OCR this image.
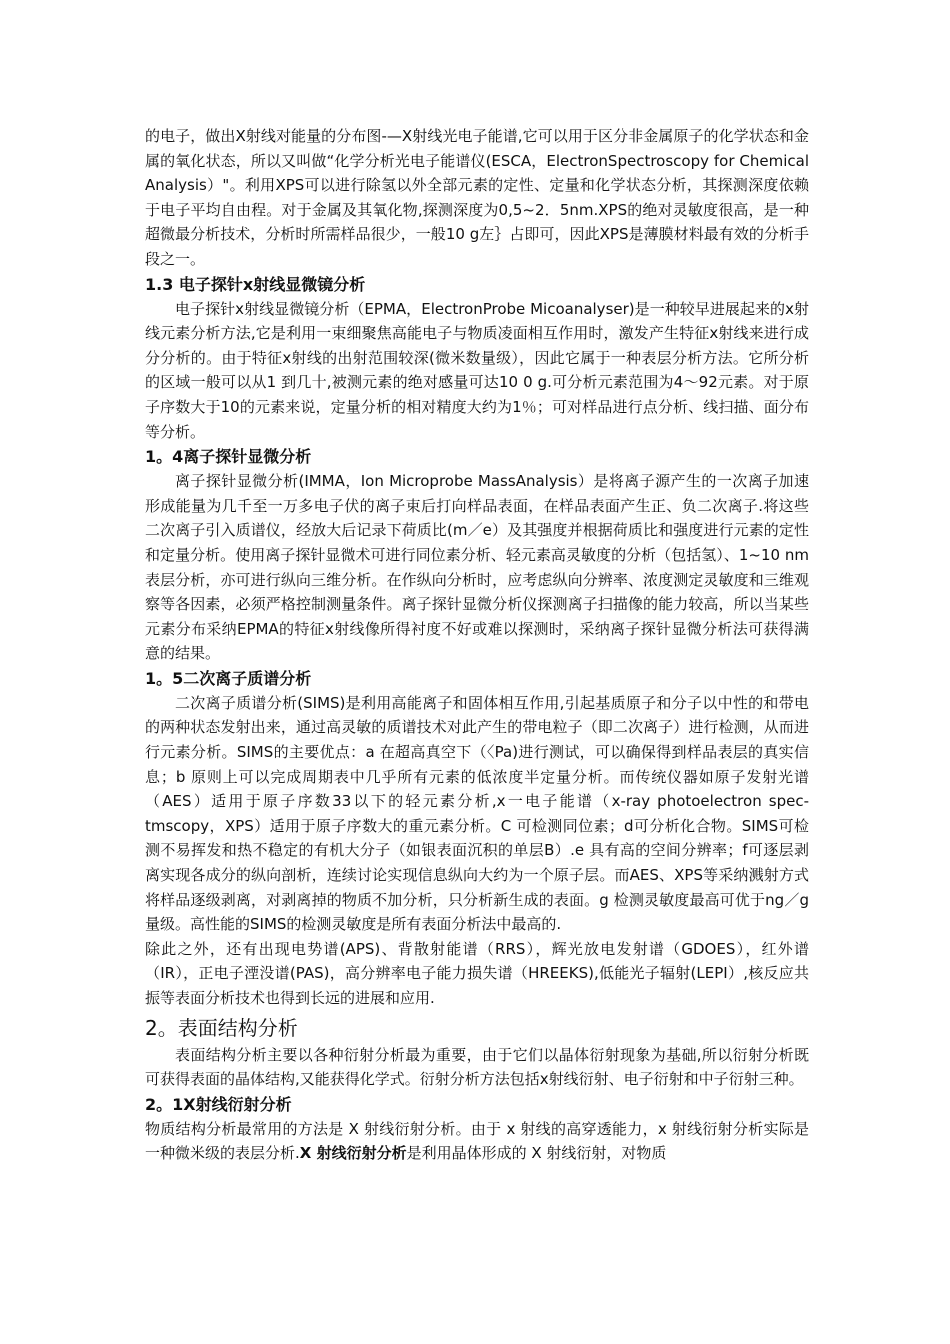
的电子，做出X射线对能量的分布图-—X射线光电子能谱,它可以用于区分非金属原子的化学状态和金属的氧化状态，所以又叫做“化学分析光电子能谱仪(ESCA，ElectronSpectroscopy for Chemical Analysis）"。利用XPS可以进行除氢以外全部元素的定性、定量和化学状态分析，其探测深度依赖于电子平均自由程。对于金属及其氧化物,探测深度为0,5~2．5nm.XPS的绝对灵敏度很高，是一种超微最分析技术，分析时所需样品很少，一般10 g左｝占即可，因此XPS是薄膜材料最有效的分析手段之一。

1.3 电子探针x射线显微镜分析

电子探针x射线显微镜分析（EPMA，ElectronProbe Micoanalyser)是一种较早进展起来的x射线元素分析方法,它是利用一束细聚焦高能电子与物质凌面相互作用时，激发产生特征x射线来进行成分分析的。由于特征x射线的出射范围较深(微米数量级），因此它属于一种表层分析方法。它所分析的区域一般可以从1 到几十,被测元素的绝对感量可达10 0 g.可分析元素范围为4～92元素。对于原子序数大于10的元素来说，定量分析的相对精度大约为1％；可对样品进行点分析、线扫描、面分布等分析。

1。4离子探针显微分析

离子探针显微分析(IMMA，Ion Microprobe MassAnalysis）是将离子源产生的一次离子加速形成能量为几千至一万多电子伏的离子束后打向样品表面，在样品表面产生正、负二次离子.将这些二次离子引入质谱仪，经放大后记录下荷质比(m／e）及其强度并根据荷质比和强度进行元素的定性和定量分析。使用离子探针显微术可进行同位素分析、轻元素高灵敏度的分析（包括氢）、1~10 nm表层分析，亦可进行纵向三维分析。在作纵向分析时，应考虑纵向分辨率、浓度测定灵敏度和三维观察等各因素，必须严格控制测量条件。离子探针显微分析仪探测离子扫描像的能力较高，所以当某些元素分布采纳EPMA的特征x射线像所得衬度不好或难以探测时，采纳离子探针显微分析法可获得满意的结果。

1。5二次离子质谱分析

二次离子质谱分析(SIMS)是利用高能离子和固体相互作用,引起基质原子和分子以中性的和带电的两种状态发射出来，通过高灵敏的质谱技术对此产生的带电粒子（即二次离子）进行检测，从而进行元素分析。SIMS的主要优点：a 在超高真空下（〈Pa)进行测试，可以确保得到样品表层的真实信息；b 原则上可以完成周期表中几乎所有元素的低浓度半定量分析。而传统仪器如原子发射光谱（AES）适用于原子序数33以下的轻元素分析,x一电子能谱（x-ray photoelectron spec-tmscopy，XPS）适用于原子序数大的重元素分析。C 可检测同位素；d可分析化合物。SIMS可检测不易挥发和热不稳定的有机大分子（如银表面沉积的单层B）.e 具有高的空间分辨率；f可逐层剥离实现各成分的纵向剖析，连续讨论实现信息纵向大约为一个原子层。而AES、XPS等采纳溅射方式将样品逐级剥离，对剥离掉的物质不加分析，只分析新生成的表面。g 检测灵敏度最高可优于ng／g量级。高性能的SIMS的检测灵敏度是所有表面分析法中最高的.

除此之外，还有出现电势谱(APS)、背散射能谱（RRS），辉光放电发射谱（GDOES），红外谱（IR），正电子湮没谱(PAS)，高分辨率电子能力损失谱（HREEKS),低能光子辐射(LEPI）,核反应共振等表面分析技术也得到长远的进展和应用.

2。表面结构分析

表面结构分析主要以各种衍射分析最为重要，由于它们以晶体衍射现象为基础,所以衍射分析既可获得表面的晶体结构,又能获得化学式。衍射分析方法包括x射线衍射、电子衍射和中子衍射三种。

2。1X射线衍射分析

物质结构分析最常用的方法是 X 射线衍射分析。由于 x 射线的高穿透能力，x 射线衍射分析实际是一种微米级的表层分析.X 射线衍射分析是利用晶体形成的 X 射线衍射，对物质
